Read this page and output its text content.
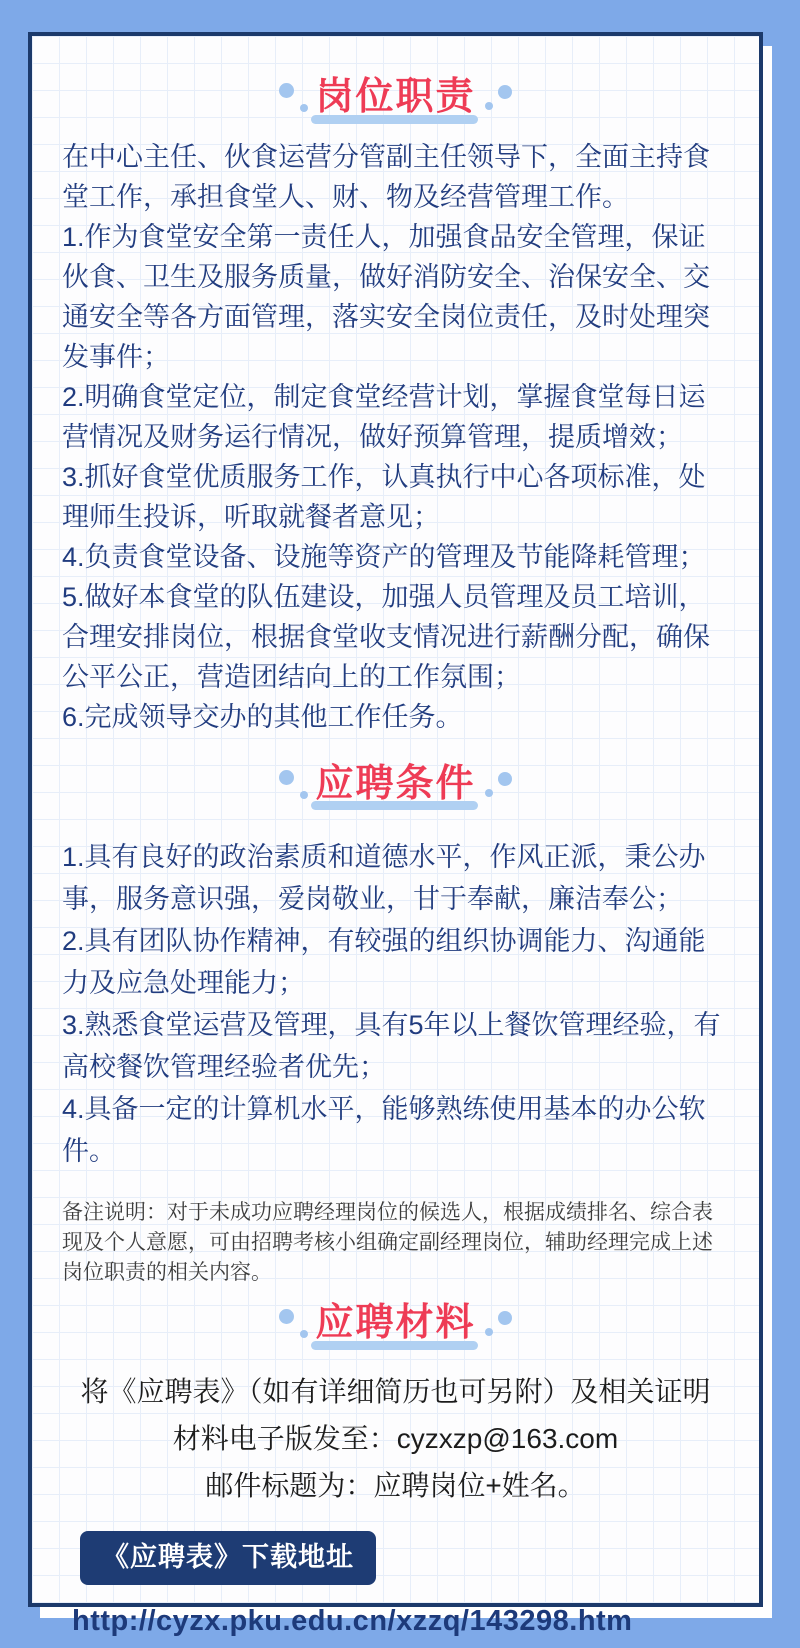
岗位职责

在中心主任、伙食运营分管副主任领导下，全面主持食堂工作，承担食堂人、财、物及经营管理工作。

1.作为食堂安全第一责任人，加强食品安全管理，保证伙食、卫生及服务质量，做好消防安全、治保安全、交通安全等各方面管理，落实安全岗位责任，及时处理突发事件；

2.明确食堂定位，制定食堂经营计划，掌握食堂每日运营情况及财务运行情况，做好预算管理，提质增效；

3.抓好食堂优质服务工作，认真执行中心各项标准，处理师生投诉，听取就餐者意见；

4.负责食堂设备、设施等资产的管理及节能降耗管理；

5.做好本食堂的队伍建设，加强人员管理及员工培训，合理安排岗位，根据食堂收支情况进行薪酬分配，确保公平公正，营造团结向上的工作氛围；

6.完成领导交办的其他工作任务。

应聘条件

1.具有良好的政治素质和道德水平，作风正派，秉公办事，服务意识强，爱岗敬业，甘于奉献，廉洁奉公；

2.具有团队协作精神，有较强的组织协调能力、沟通能力及应急处理能力；

3.熟悉食堂运营及管理，具有5年以上餐饮管理经验，有高校餐饮管理经验者优先；

4.具备一定的计算机水平，能够熟练使用基本的办公软件。

备注说明：对于未成功应聘经理岗位的候选人，根据成绩排名、综合表现及个人意愿，可由招聘考核小组确定副经理岗位，辅助经理完成上述岗位职责的相关内容。

应聘材料

将《应聘表》（如有详细简历也可另附）及相关证明

材料电子版发至：cyzxzp@163.com

邮件标题为：应聘岗位+姓名。

《应聘表》下载地址
http://cyzx.pku.edu.cn/xzzq/143298.htm
